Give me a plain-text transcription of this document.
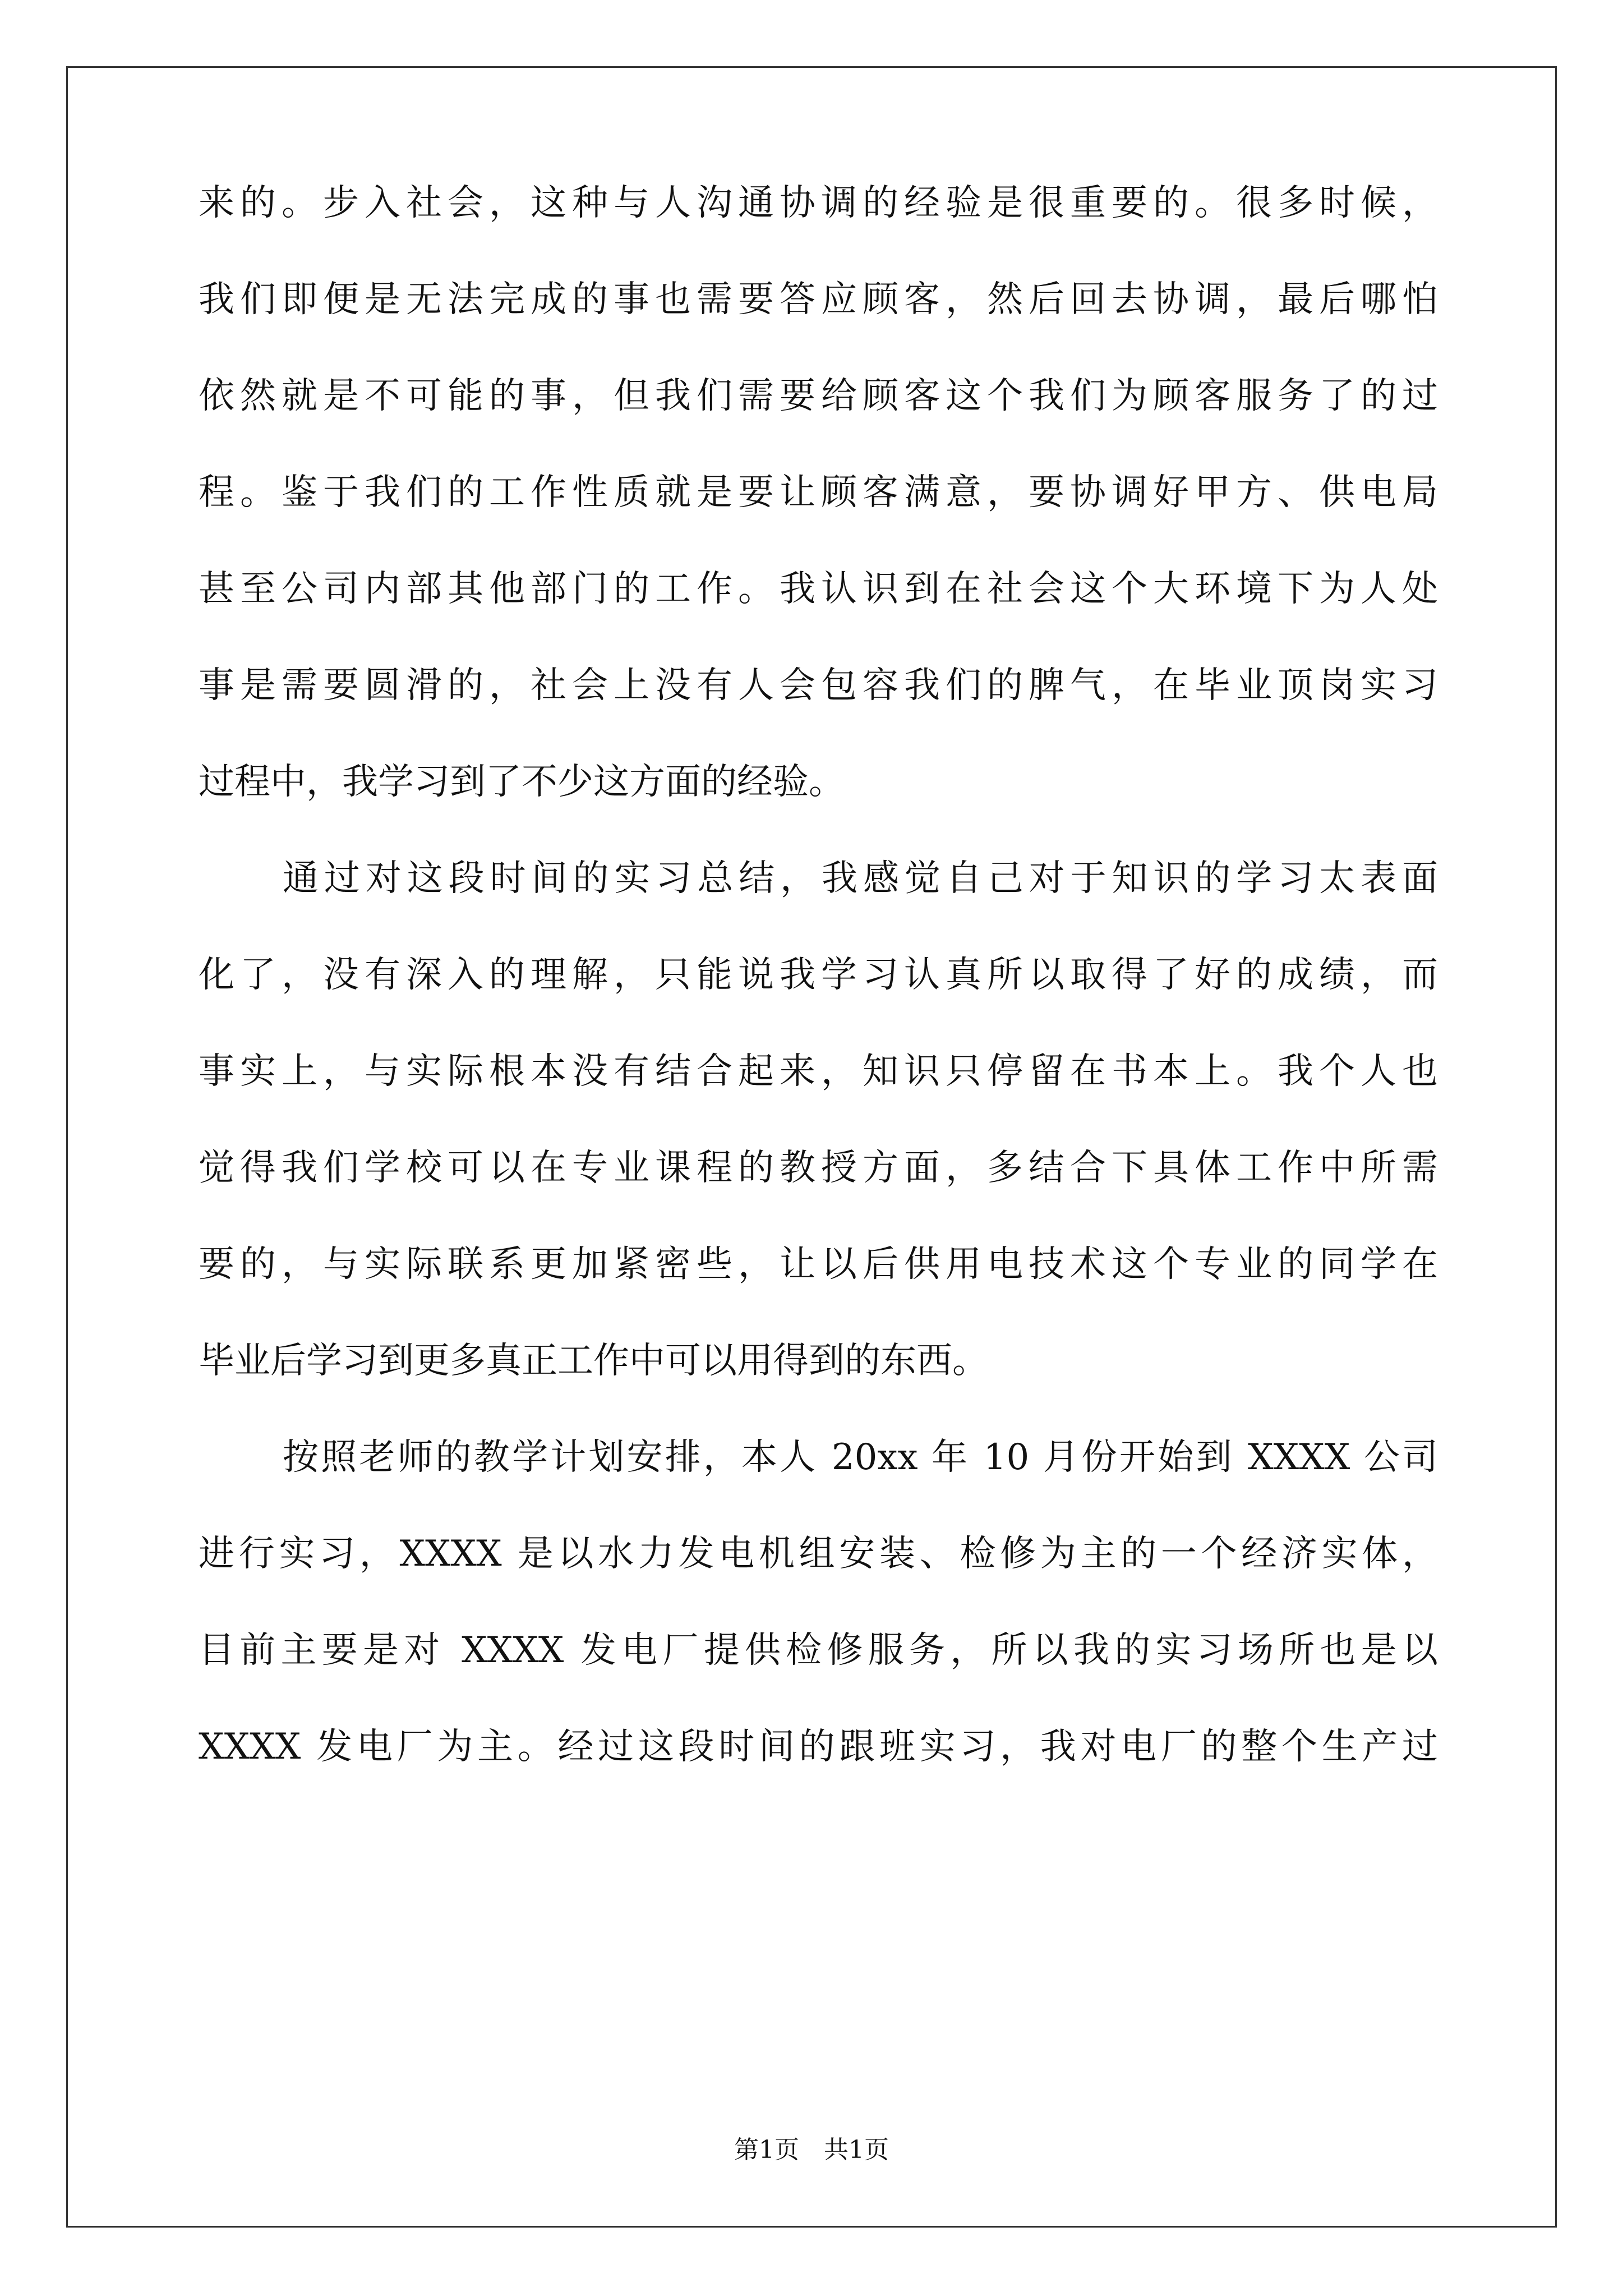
来的。步入社会，这种与人沟通协调的经验是很重要的。很多时候，
我们即便是无法完成的事也需要答应顾客，然后回去协调，最后哪怕
依然就是不可能的事，但我们需要给顾客这个我们为顾客服务了的过
程。鉴于我们的工作性质就是要让顾客满意，要协调好甲方、供电局
甚至公司内部其他部门的工作。我认识到在社会这个大环境下为人处
事是需要圆滑的，社会上没有人会包容我们的脾气，在毕业顶岗实习
过程中，我学习到了不少这方面的经验。
通过对这段时间的实习总结，我感觉自己对于知识的学习太表面
化了，没有深入的理解，只能说我学习认真所以取得了好的成绩，而
事实上，与实际根本没有结合起来，知识只停留在书本上。我个人也
觉得我们学校可以在专业课程的教授方面，多结合下具体工作中所需
要的，与实际联系更加紧密些，让以后供用电技术这个专业的同学在
毕业后学习到更多真正工作中可以用得到的东西。
按照老师的教学计划安排，本人 20xx 年 10 月份开始到 XXXX 公司
进行实习，XXXX 是以水力发电机组安装、检修为主的一个经济实体，
目前主要是对 XXXX 发电厂提供检修服务，所以我的实习场所也是以
XXXX 发电厂为主。经过这段时间的跟班实习，我对电厂的整个生产过
第1页　共1页
